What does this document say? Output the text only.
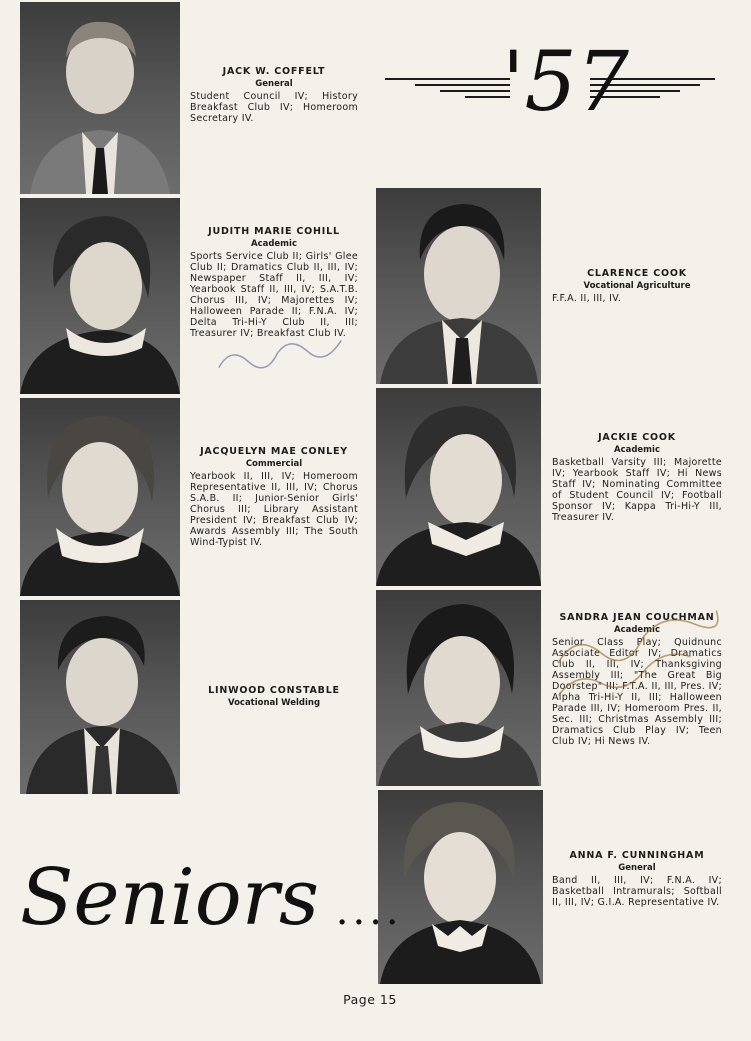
'57

JACK W. COFFELT

General

Student Council IV; History Breakfast Club IV; Homeroom Secretary IV.

JUDITH MARIE COHILL

Academic

Sports Service Club II; Girls' Glee Club II; Dramatics Club II, III, IV; Newspaper Staff II, III, IV; Yearbook Staff II, III, IV; S.A.T.B. Chorus III, IV; Majorettes IV; Halloween Parade II; F.N.A. IV; Delta Tri-Hi-Y Club II, III; Treasurer IV; Breakfast Club IV.

JACQUELYN MAE CONLEY

Commercial

Yearbook II, III, IV; Homeroom Representative II, III, IV; Chorus S.A.B. II; Junior-Senior Girls' Chorus III; Library Assistant President IV; Breakfast Club IV; Awards Assembly III; The South Wind-Typist IV.

LINWOOD CONSTABLE

Vocational Welding

CLARENCE COOK

Vocational Agriculture

F.F.A. II, III, IV.

JACKIE COOK

Academic

Basketball Varsity III; Majorette IV; Yearbook Staff IV; Hi News Staff IV; Nominating Committee of Student Council IV; Football Sponsor IV; Kappa Tri-Hi-Y III, Treasurer IV.

SANDRA JEAN COUCHMAN

Academic

Senior Class Play; Quidnunc Associate Editor IV; Dramatics Club II, III, IV; Thanksgiving Assembly III; "The Great Big Doorstep" III; F.T.A. II, III, Pres. IV; Alpha Tri-Hi-Y II, III; Halloween Parade III, IV; Homeroom Pres. II, Sec. III; Christmas Assembly III; Dramatics Club Play IV; Teen Club IV; Hi News IV.

ANNA F. CUNNINGHAM

General

Band II, III, IV; F.N.A. IV; Basketball Intramurals; Softball II, III, IV; G.I.A. Representative IV.

Seniors ....
Page 15
